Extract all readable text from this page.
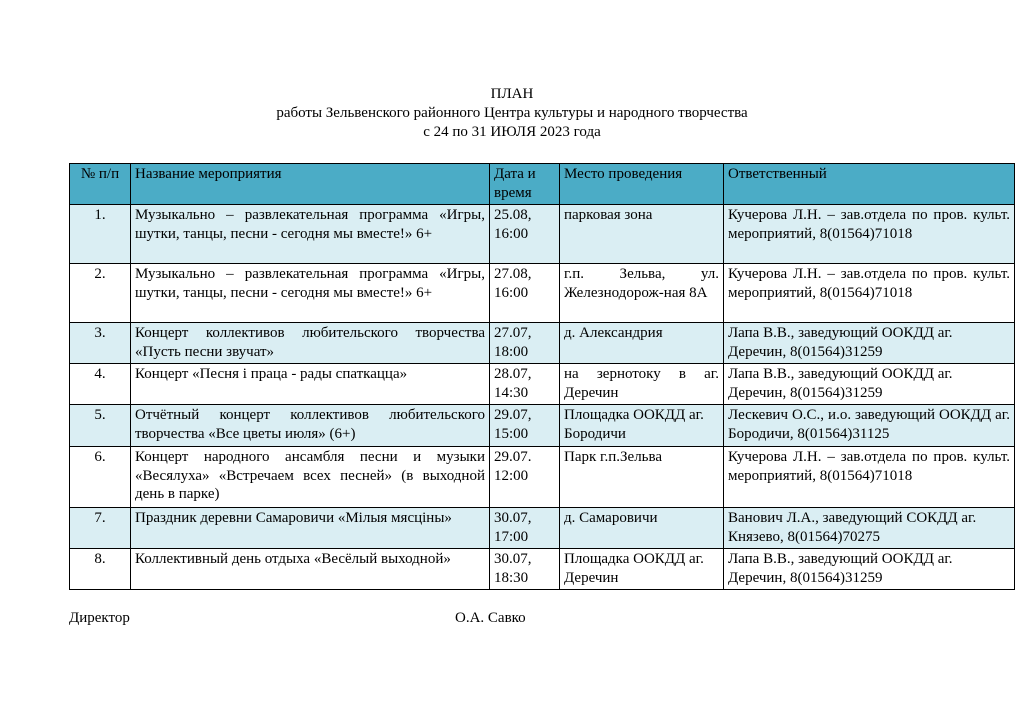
ПЛАН
работы Зельвенского районного Центра культуры и народного творчества
с 24 по 31 ИЮЛЯ 2023 года
№ п/п	Название мероприятия	Дата и время	Место проведения	Ответственный
1.	Музыкально – развлекательная программа «Игры, шутки, танцы, песни - сегодня мы вместе!» 6+	25.08, 16:00	парковая зона	Кучерова Л.Н. – зав.отдела по пров. культ. мероприятий, 8(01564)71018
2.	Музыкально – развлекательная программа «Игры, шутки, танцы, песни - сегодня мы вместе!» 6+	27.08, 16:00	г.п. Зельва, ул. Железнодорож-ная 8А	Кучерова Л.Н. – зав.отдела по пров. культ. мероприятий, 8(01564)71018
3.	Концерт коллективов любительского творчества «Пусть песни звучат»	27.07, 18:00	д. Александрия	Лапа В.В., заведующий ООКДД аг. Деречин, 8(01564)31259
4.	Концерт «Песня і праца - рады спаткацца»	28.07, 14:30	на зернотоку в аг. Деречин	Лапа В.В., заведующий ООКДД аг. Деречин, 8(01564)31259
5.	Отчётный концерт коллективов любительского творчества «Все цветы июля» (6+)	29.07, 15:00	Площадка ООКДД аг. Бородичи	Лескевич О.С., и.о. заведующий ООКДД аг. Бородичи, 8(01564)31125
6.	Концерт народного ансамбля песни и музыки «Весялуха» «Встречаем всех песней» (в выходной день в парке)	29.07. 12:00	Парк г.п.Зельва	Кучерова Л.Н. – зав.отдела по пров. культ. мероприятий, 8(01564)71018
7.	Праздник деревни Самаровичи «Мілыя мясціны»	30.07, 17:00	д. Самаровичи	Ванович Л.А., заведующий СОКДД аг. Князево, 8(01564)70275
8.	Коллективный день отдыха «Весёлый выходной»	30.07, 18:30	Площадка ООКДД аг. Деречин	Лапа В.В., заведующий ООКДД аг. Деречин, 8(01564)31259
Директор	О.А. Савко
